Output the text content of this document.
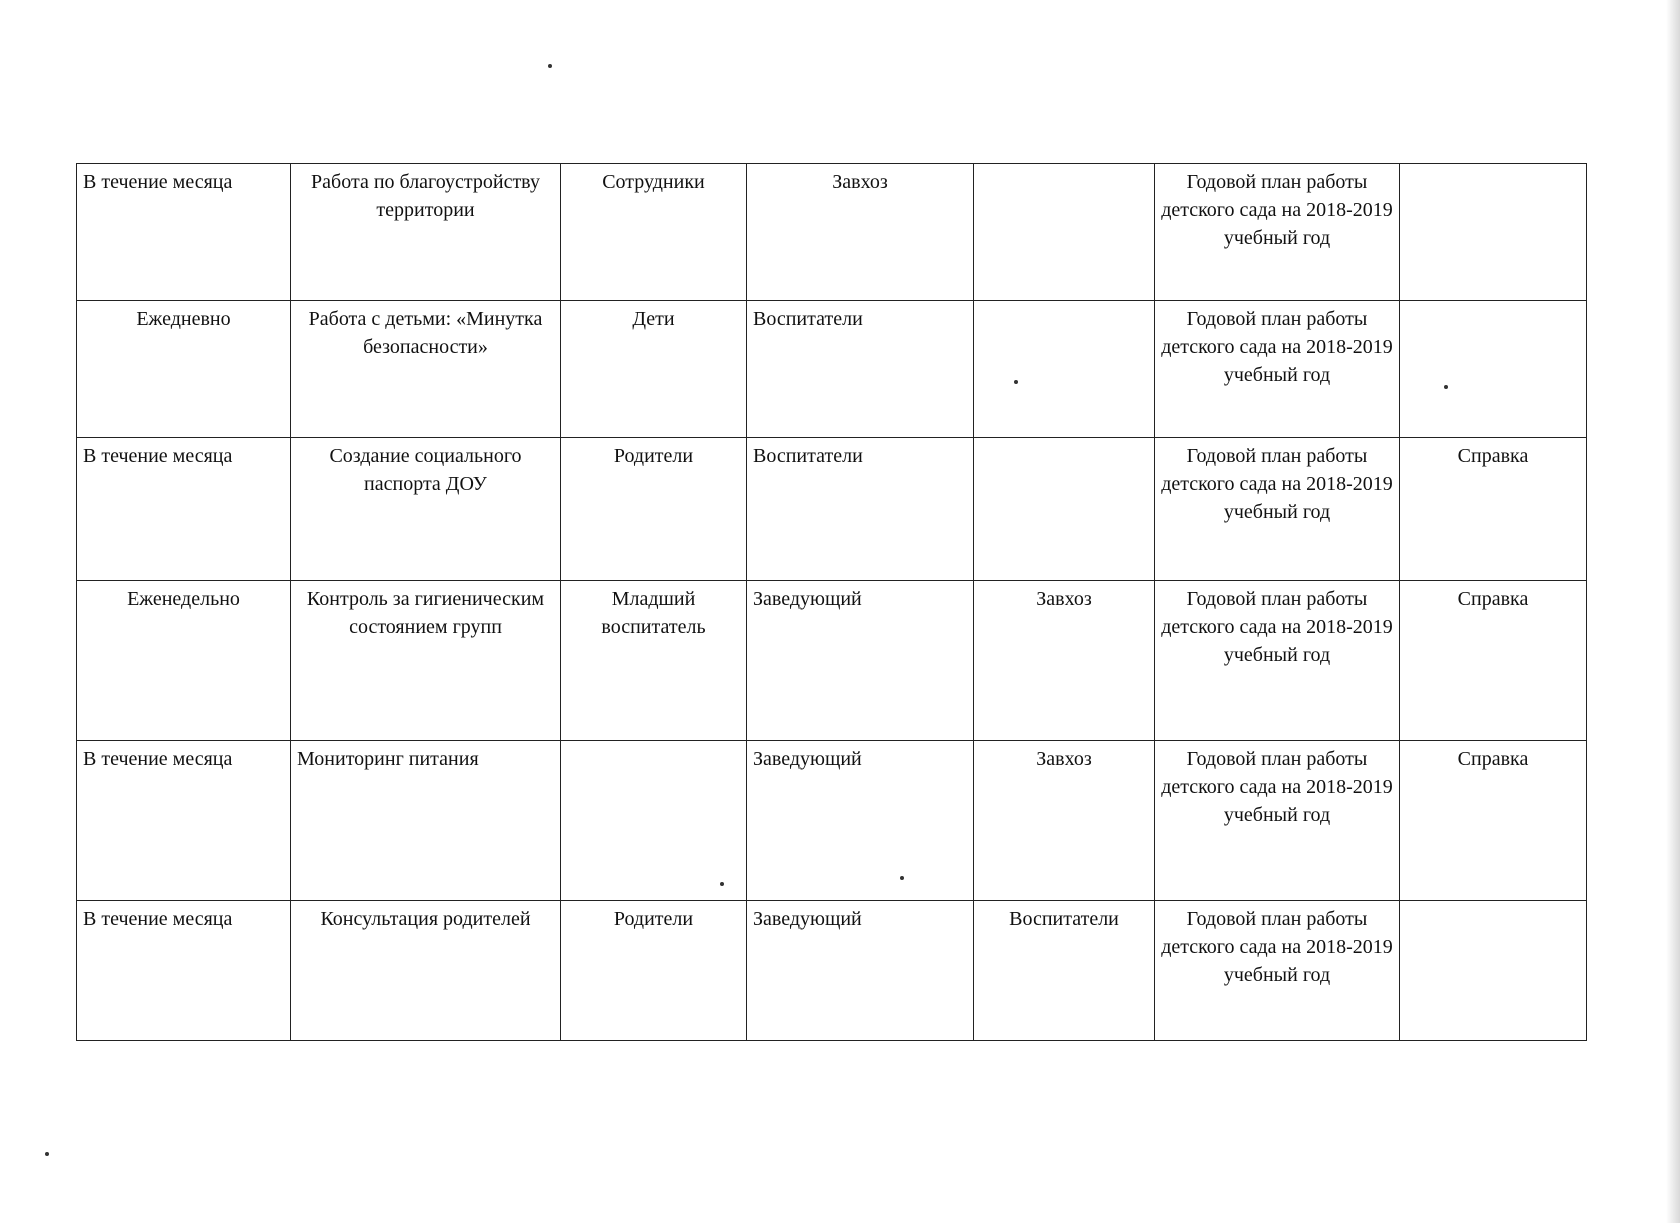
В течение месяца	Работа по благоустройству территории	Сотрудники	Завхоз		Годовой план работы детского сада на 2018-2019 учебный год	
Ежедневно	Работа с детьми: «Минутка безопасности»	Дети	Воспитатели		Годовой план работы детского сада на 2018-2019 учебный год	
В течение месяца	Создание социального паспорта ДОУ	Родители	Воспитатели		Годовой план работы детского сада на 2018-2019 учебный год	Справка
Еженедельно	Контроль за гигиеническим состоянием групп	Младший воспитатель	Заведующий	Завхоз	Годовой план работы детского сада на 2018-2019 учебный год	Справка
В течение месяца	Мониторинг питания		Заведующий	Завхоз	Годовой план работы детского сада на 2018-2019 учебный год	Справка
В течение месяца	Консультация родителей	Родители	Заведующий	Воспитатели	Годовой план работы детского сада на 2018-2019 учебный год	
